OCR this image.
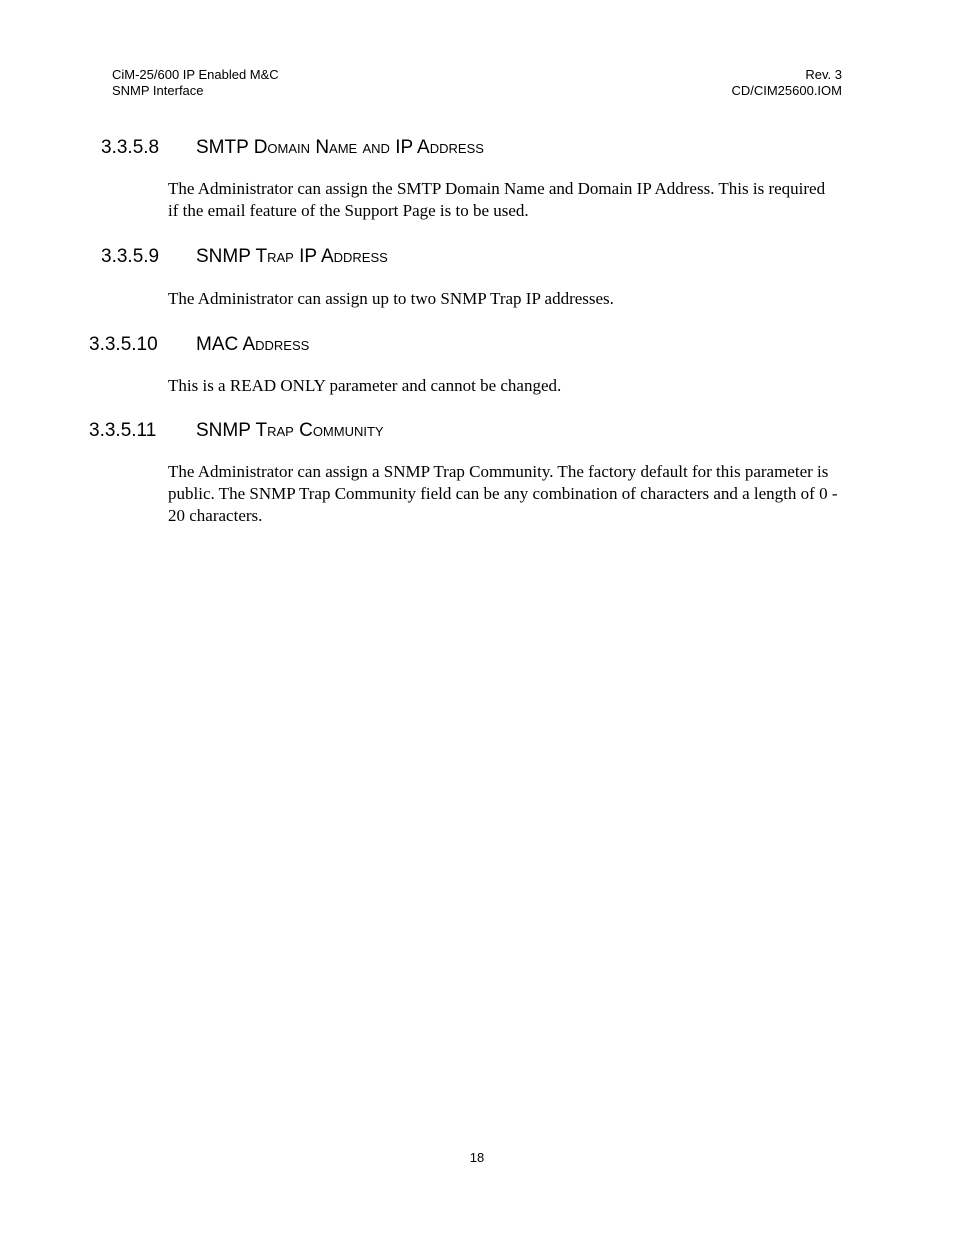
CiM-25/600 IP Enabled M&C
SNMP Interface
Rev. 3
CD/CIM25600.IOM
3.3.5.8 SMTP Domain Name and IP Address

The Administrator can assign the SMTP Domain Name and Domain IP Address. This is required if the email feature of the Support Page is to be used.

3.3.5.9 SNMP Trap IP Address

The Administrator can assign up to two SNMP Trap IP addresses.

3.3.5.10 MAC Address

This is a READ ONLY parameter and cannot be changed.

3.3.5.11 SNMP Trap Community

The Administrator can assign a SNMP Trap Community. The factory default for this parameter is public. The SNMP Trap Community field can be any combination of characters and a length of 0 - 20 characters.

18
